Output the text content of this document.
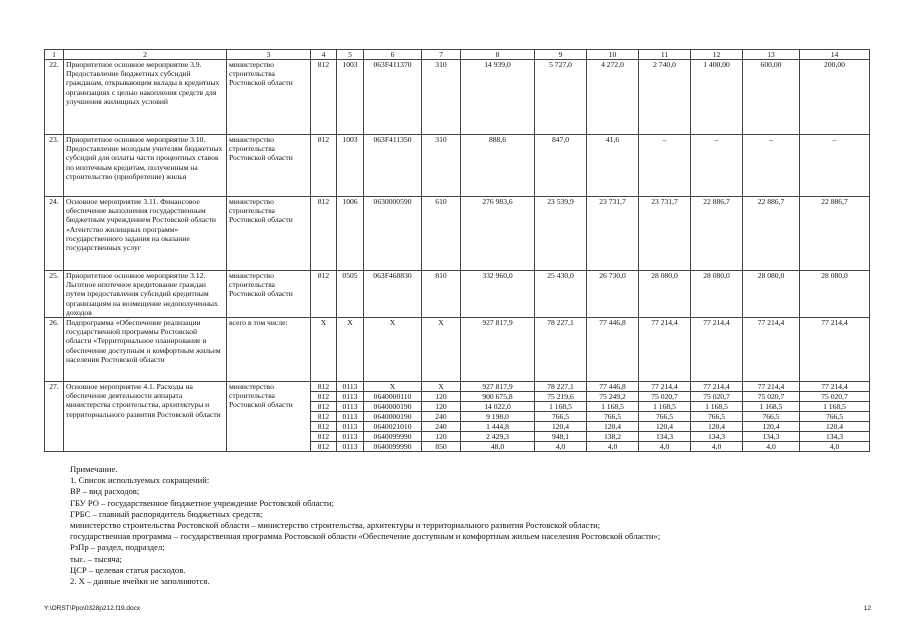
1	2	3	4	5	6	7	8	9	10	11	12	13	14
22.	Приоритетное основное мероприятие 3.9. Предоставление бюджетных субсидий гражданам, открывающим вклады в кредитных организациях с целью накопления средств для улучшения жилищных условий	министерство строительства Ростовской области	812	1003	063F411370	310	14 939,0	5 727,0	4 272,0	2 740,0	1 400,00	600,00	200,00
23.	Приоритетное основное мероприятие 3.10. Предоставление молодым учителям бюджетных субсидий для оплаты части процентных ставок по ипотечным кредитам, полученным на строительство (приобретение) жилья	министерство строительства Ростовской области	812	1003	063F411350	310	888,6	847,0	41,6	–	–	–	–
24.	Основное мероприятие 3.11. Финансовое обеспечение выполнения государственным бюджетным учреждением Ростовской области «Агентство жилищных программ» государственного задания на оказание государственных услуг	министерство строительства Ростовской области	812	1006	0630000590	610	276 983,6	23 539,9	23 731,7	23 731,7	22 886,7	22 886,7	22 886,7
25.	Приоритетное основное мероприятие 3.12. Льготное ипотечное кредитование граждан путем предоставления субсидий кредитным организациям на возмещение недополученных доходов	министерство строительства Ростовской области	812	0505	063F468830	810	332 960,0	25 430,0	26 730,0	28 080,0	28 080,0	28 080,0	28 080,0
26.	Подпрограмма «Обеспечение реализации государственной программы Ростовской области «Территориальное планирование и обеспечение доступным и комфортным жильем населения Ростовской области	всего в том числе:	Х	Х	Х	Х	927 817,9	78 227,1	77 446,8	77 214,4	77 214,4	77 214,4	77 214,4
27.	Основное мероприятие 4.1. Расходы на обеспечение деятельности аппарата министерства строительства, архитектуры и территориального развития Ростовской области	министерство строительства Ростовской области	812	0113	Х	Х	927 817,9	78 227,1	77 446,8	77 214,4	77 214,4	77 214,4	77 214,4
			812	0113	0640000110	120	900 675,8	75 219,6	75 249,2	75 020,7	75 020,7	75 020,7	75 020,7
			812	0113	0640000190	120	14 022,0	1 168,5	1 168,5	1 168,5	1 168,5	1 168,5	1 168,5
			812	0113	0640000190	240	9 198,0	766,5	766,5	766,5	766,5	766,5	766,5
			812	0113	0640021010	240	1 444,8	120,4	120,4	120,4	120,4	120,4	120,4
			812	0113	0640099990	120	2 429,3	948,1	138,2	134,3	134,3	134,3	134,3
			812	0113	0640099990	850	48,0	4,0	4,0	4,0	4,0	4,0	4,0
Примечание.
1. Список используемых сокращений:
ВР – вид расходов;
ГБУ РО – государственное бюджетное учреждение Ростовской области;
ГРБС – главный распорядитель бюджетных средств;
министерство строительства Ростовской области – министерство строительства, архитектуры и территориального развития Ростовской области;
государственная программа – государственная программа Ростовской области «Обеспечение доступным и комфортным жильем населения Ростовской области»;
РзПр – раздел, подраздел;
тыс. – тысяча;
ЦСР – целевая статья расходов.
2. Х – данные ячейки не заполняются.
Y:\ORST\Ppo\0328p212.f19.docx	12
